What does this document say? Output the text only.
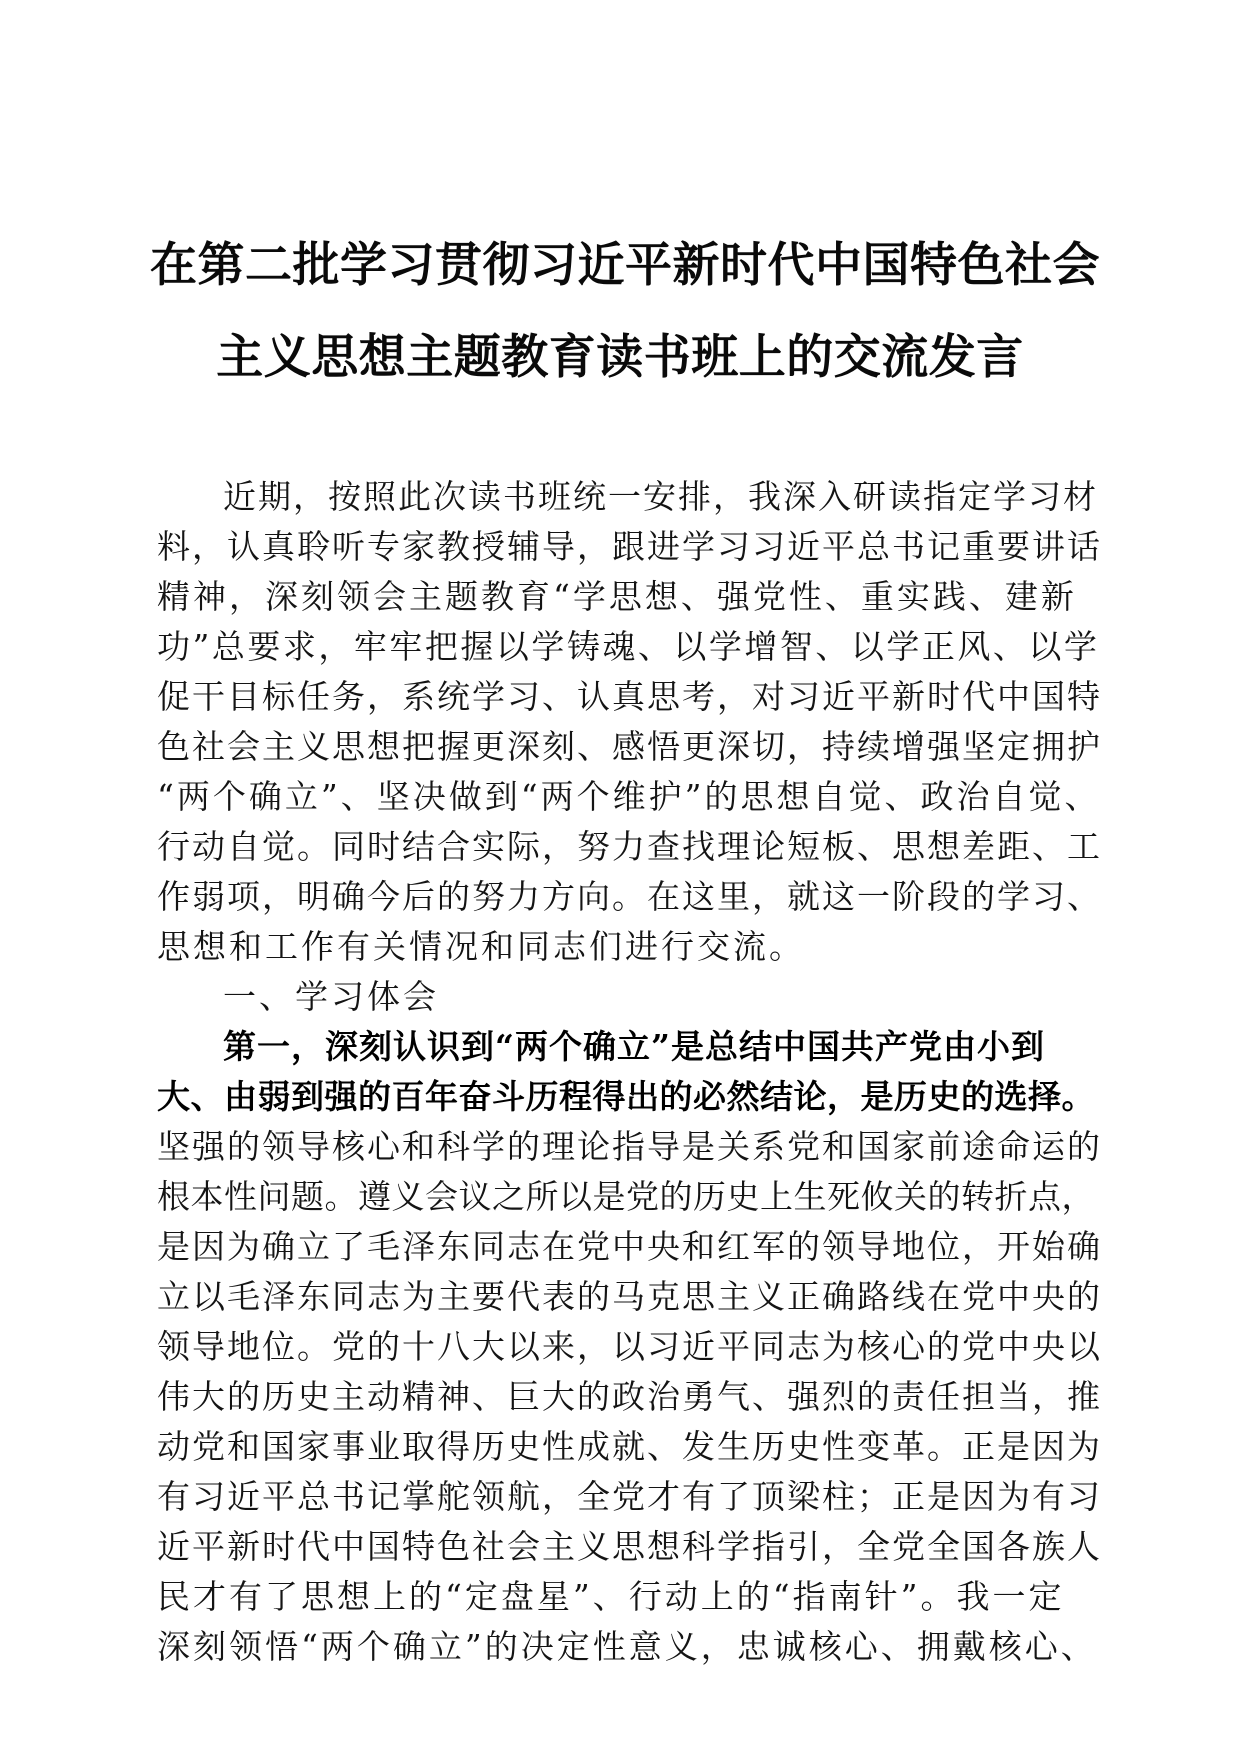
在第二批学习贯彻习近平新时代中国特色社会
主义思想主题教育读书班上的交流发言
近期，按照此次读书班统一安排，我深入研读指定学习材
料，认真聆听专家教授辅导，跟进学习习近平总书记重要讲话
精神，深刻领会主题教育“学思想、强党性、重实践、建新
功”总要求，牢牢把握以学铸魂、以学增智、以学正风、以学
促干目标任务，系统学习、认真思考，对习近平新时代中国特
色社会主义思想把握更深刻、感悟更深切，持续增强坚定拥护
“两个确立”、坚决做到“两个维护”的思想自觉、政治自觉、
行动自觉。同时结合实际，努力查找理论短板、思想差距、工
作弱项，明确今后的努力方向。在这里，就这一阶段的学习、
思想和工作有关情况和同志们进行交流。
一、学习体会
第一，深刻认识到“两个确立”是总结中国共产党由小到
大、由弱到强的百年奋斗历程得出的必然结论，是历史的选择。
坚强的领导核心和科学的理论指导是关系党和国家前途命运的
根本性问题。遵义会议之所以是党的历史上生死攸关的转折点，
是因为确立了毛泽东同志在党中央和红军的领导地位，开始确
立以毛泽东同志为主要代表的马克思主义正确路线在党中央的
领导地位。党的十八大以来，以习近平同志为核心的党中央以
伟大的历史主动精神、巨大的政治勇气、强烈的责任担当，推
动党和国家事业取得历史性成就、发生历史性变革。正是因为
有习近平总书记掌舵领航，全党才有了顶梁柱；正是因为有习
近平新时代中国特色社会主义思想科学指引，全党全国各族人
民才有了思想上的“定盘星”、行动上的“指南针”。我一定
深刻领悟“两个确立”的决定性意义，忠诚核心、拥戴核心、
